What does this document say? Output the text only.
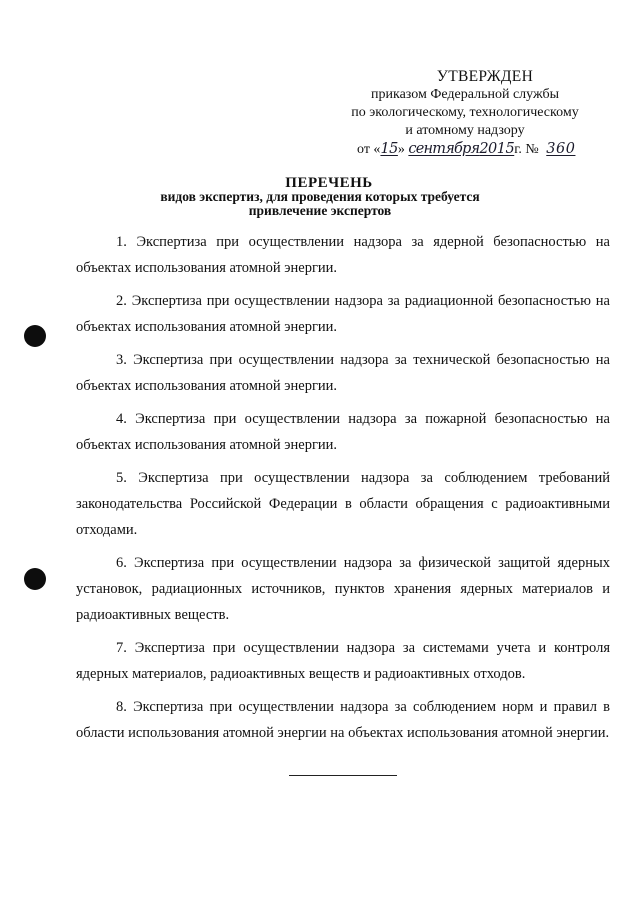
УТВЕРЖДЕН
приказом Федеральной службы
по экологическому, технологическому
и атомному надзору
от «15» сентября2015г. № 360
ПЕРЕЧЕНЬ
видов экспертиз, для проведения которых требуется
привлечение экспертов

1. Экспертиза при осуществлении надзора за ядерной безопасностью на объектах использования атомной энергии.

2. Экспертиза при осуществлении надзора за радиационной безопасностью на объектах использования атомной энергии.

3. Экспертиза при осуществлении надзора за технической безопасностью на объектах использования атомной энергии.

4. Экспертиза при осуществлении надзора за пожарной безопасностью на объектах использования атомной энергии.

5. Экспертиза при осуществлении надзора за соблюдением требований законодательства Российской Федерации в области обращения с радиоактивными отходами.

6. Экспертиза при осуществлении надзора за физической защитой ядерных установок, радиационных источников, пунктов хранения ядерных материалов и радиоактивных веществ.

7. Экспертиза при осуществлении надзора за системами учета и контроля ядерных материалов, радиоактивных веществ и радиоактивных отходов.

8. Экспертиза при осуществлении надзора за соблюдением норм и правил в области использования атомной энергии на объектах использования атомной энергии.
